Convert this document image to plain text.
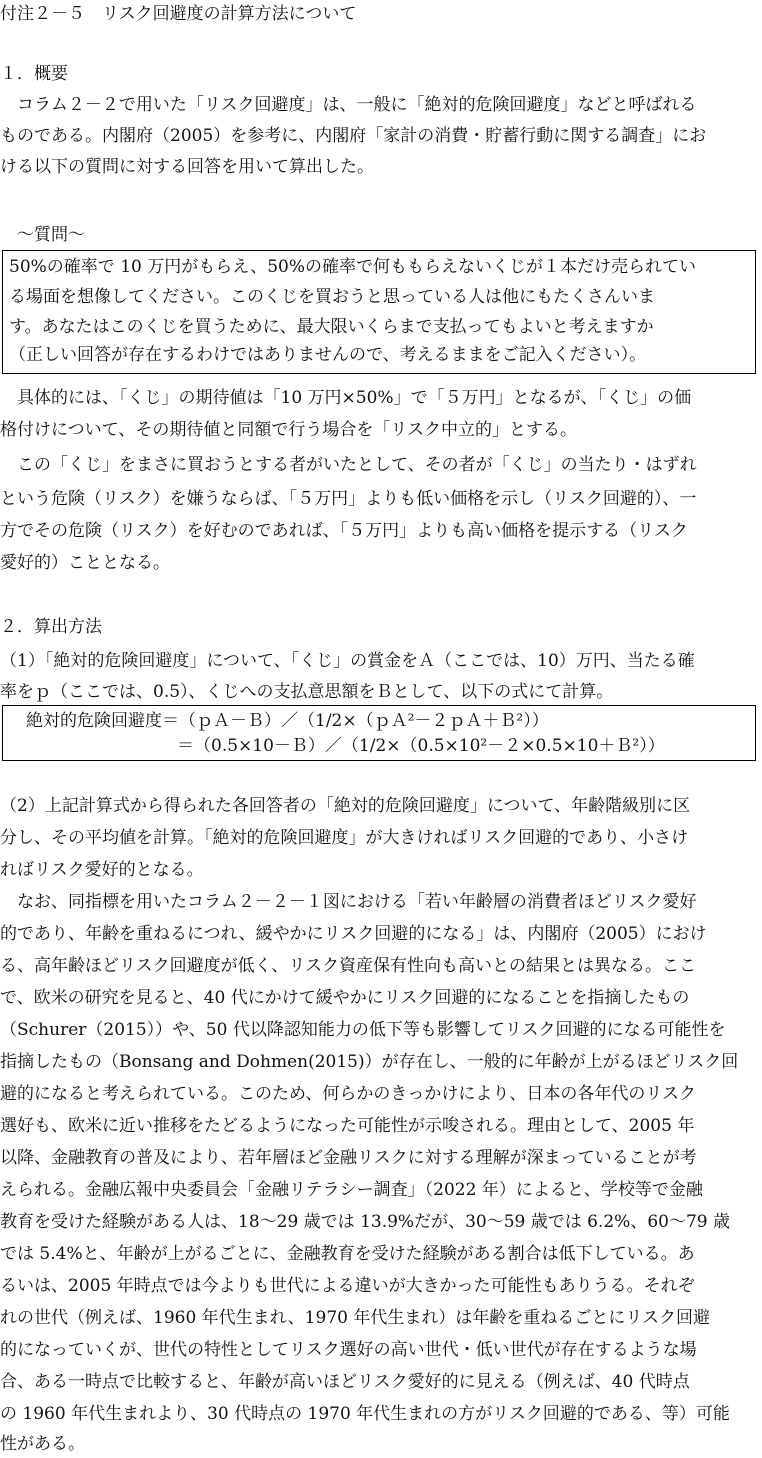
付注２－５　リスク回避度の計算方法について
１．概要
　コラム２－２で用いた「リスク回避度」は、一般に「絶対的危険回避度」などと呼ばれる
ものである。内閣府（2005）を参考に、内閣府「家計の消費・貯蓄行動に関する調査」にお
ける以下の質問に対する回答を用いて算出した。
　～質問～
50%の確率で 10 万円がもらえ、50%の確率で何ももらえないくじが１本だけ売られてい
る場面を想像してください。このくじを買おうと思っている人は他にもたくさんいま
す。あなたはこのくじを買うために、最大限いくらまで支払ってもよいと考えますか
（正しい回答が存在するわけではありませんので、考えるままをご記入ください）。
　具体的には、「くじ」の期待値は「10 万円×50%」で「５万円」となるが、「くじ」の価
格付けについて、その期待値と同額で行う場合を「リスク中立的」とする。
　この「くじ」をまさに買おうとする者がいたとして、その者が「くじ」の当たり・はずれ
という危険（リスク）を嫌うならば、「５万円」よりも低い価格を示し（リスク回避的）、一
方でその危険（リスク）を好むのであれば、「５万円」よりも高い価格を提示する（リスク
愛好的）こととなる。
２．算出方法
（1）「絶対的危険回避度」について、「くじ」の賞金をＡ（ここでは、10）万円、当たる確
率をｐ（ここでは、0.5）、くじへの支払意思額をＢとして、以下の式にて計算。
　絶対的危険回避度＝（ｐＡ－Ｂ）／（1/2×（ｐＡ²－２ｐＡ＋Ｂ²））
＝（0.5×10－Ｂ）／（1/2×（0.5×10²－２×0.5×10＋Ｂ²））
（2）上記計算式から得られた各回答者の「絶対的危険回避度」について、年齢階級別に区
分し、その平均値を計算。「絶対的危険回避度」が大きければリスク回避的であり、小さけ
ればリスク愛好的となる。
　なお、同指標を用いたコラム２－２－１図における「若い年齢層の消費者ほどリスク愛好
的であり、年齢を重ねるにつれ、緩やかにリスク回避的になる」は、内閣府（2005）におけ
る、高年齢ほどリスク回避度が低く、リスク資産保有性向も高いとの結果とは異なる。ここ
で、欧米の研究を見ると、40 代にかけて緩やかにリスク回避的になることを指摘したもの
（Schurer（2015））や、50 代以降認知能力の低下等も影響してリスク回避的になる可能性を
指摘したもの（Bonsang and Dohmen(2015)）が存在し、一般的に年齢が上がるほどリスク回
避的になると考えられている。このため、何らかのきっかけにより、日本の各年代のリスク
選好も、欧米に近い推移をたどるようになった可能性が示唆される。理由として、2005 年
以降、金融教育の普及により、若年層ほど金融リスクに対する理解が深まっていることが考
えられる。金融広報中央委員会「金融リテラシー調査」（2022 年）によると、学校等で金融
教育を受けた経験がある人は、18～29 歳では 13.9%だが、30～59 歳では 6.2%、60～79 歳
では 5.4%と、年齢が上がるごとに、金融教育を受けた経験がある割合は低下している。あ
るいは、2005 年時点では今よりも世代による違いが大きかった可能性もありうる。それぞ
れの世代（例えば、1960 年代生まれ、1970 年代生まれ）は年齢を重ねるごとにリスク回避
的になっていくが、世代の特性としてリスク選好の高い世代・低い世代が存在するような場
合、ある一時点で比較すると、年齢が高いほどリスク愛好的に見える（例えば、40 代時点
の 1960 年代生まれより、30 代時点の 1970 年代生まれの方がリスク回避的である、等）可能
性がある。
